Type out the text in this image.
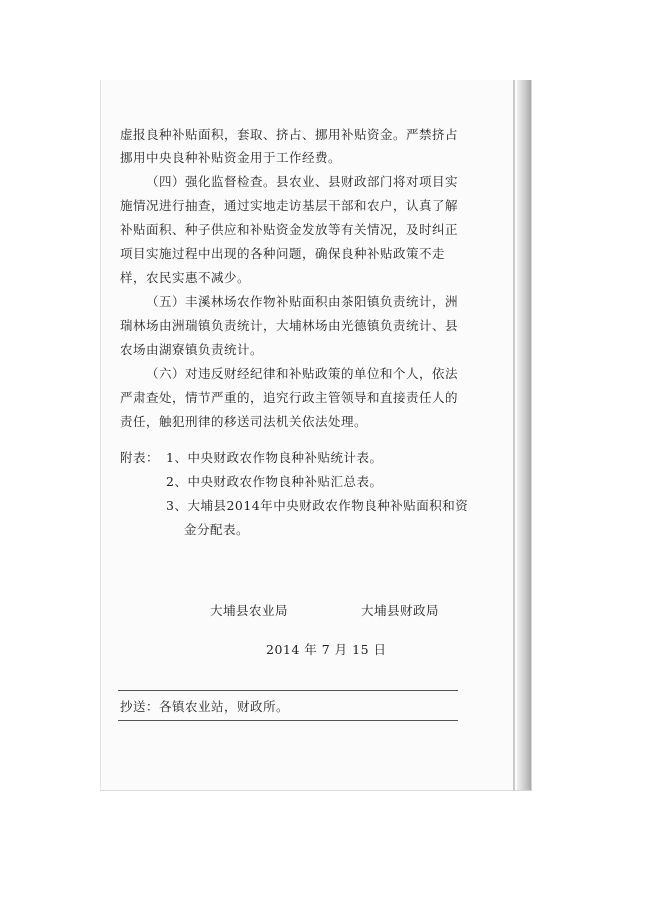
虚报良种补贴面积，套取、挤占、挪用补贴资金。严禁挤占
挪用中央良种补贴资金用于工作经费。
（四）强化监督检查。县农业、县财政部门将对项目实
施情况进行抽查，通过实地走访基层干部和农户，认真了解
补贴面积、种子供应和补贴资金发放等有关情况，及时纠正
项目实施过程中出现的各种问题，确保良种补贴政策不走
样，农民实惠不减少。
（五）丰溪林场农作物补贴面积由茶阳镇负责统计，洲
瑞林场由洲瑞镇负责统计，大埔林场由光德镇负责统计、县
农场由湖寮镇负责统计。
（六）对违反财经纪律和补贴政策的单位和个人，依法
严肃查处，情节严重的，追究行政主管领导和直接责任人的
责任，触犯刑律的移送司法机关依法处理。
附表： 1、中央财政农作物良种补贴统计表。
2、中央财政农作物良种补贴汇总表。
3、大埔县2014年中央财政农作物良种补贴面积和资
金分配表。
大埔县农业局	大埔县财政局
2014 年 7 月 15 日
抄送：各镇农业站，财政所。
